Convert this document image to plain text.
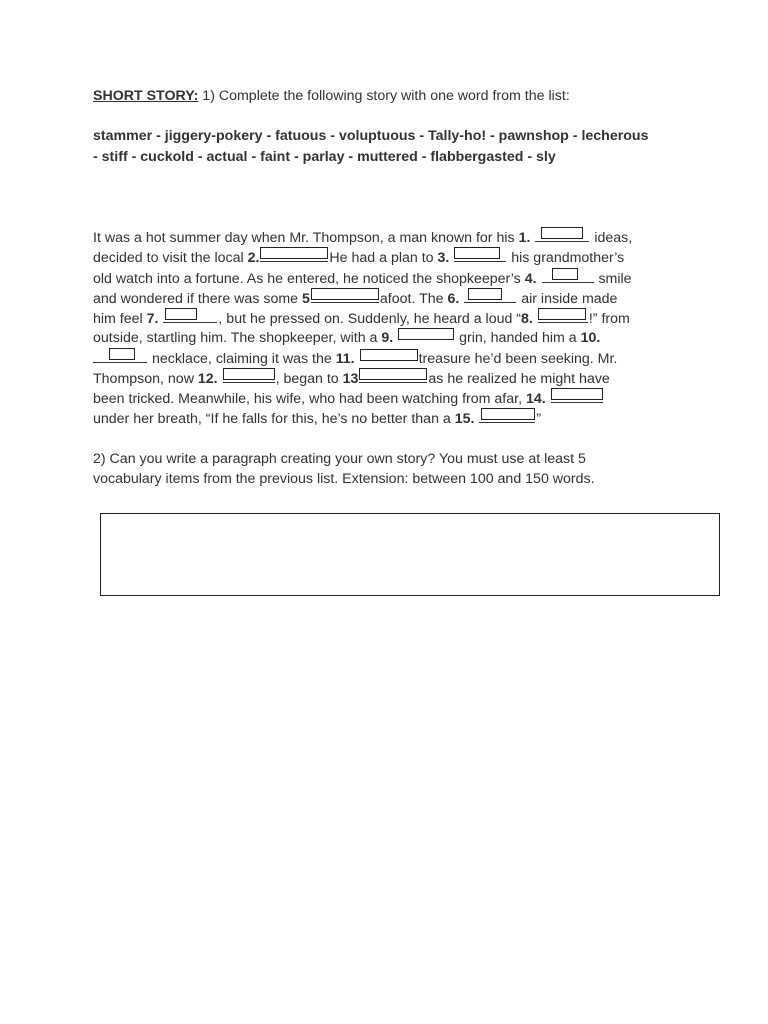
SHORT STORY: 1) Complete the following story with one word from the list:
stammer - jiggery-pokery - fatuous - voluptuous - Tally-ho! - pawnshop - lecherous
- stiff - cuckold - actual - faint - parlay - muttered - flabbergasted - sly
It was a hot summer day when Mr. Thompson, a man known for his 1.	ideas,
decided to visit the local 2.	He had a plan to 3.	his grandmother’s
old watch into a fortune. As he entered, he noticed the shopkeeper’s 4.	smile
and wondered if there was some 5	afoot. The 6.	air inside made
him feel 7.	, but he pressed on. Suddenly, he heard a loud “8.	!” from
outside, startling him. The shopkeeper, with a 9.	grin, handed him a 10.
necklace, claiming it was the 11.	treasure he’d been seeking. Mr.
Thompson, now 12.	, began to 13	as he realized he might have
been tricked. Meanwhile, his wife, who had been watching from afar, 14.
under her breath, “If he falls for this, he’s no better than a 15.	”
2) Can you write a paragraph creating your own story? You must use at least 5
vocabulary items from the previous list. Extension: between 100 and 150 words.
